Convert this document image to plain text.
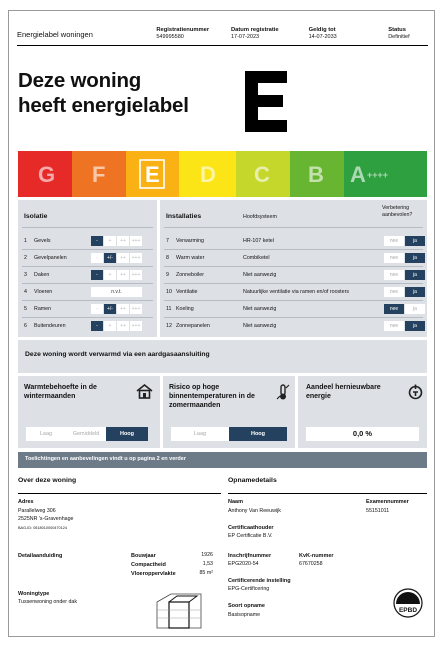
Energielabel woningen	Registratienummer
549995580
Datum registratie
17-07-2023
Geldig tot
14-07-2033
Status
Definitief
Deze woning
heeft energielabel
G F	D C B A ++++
E
Isolatie
1 Gevels	-	+	++	+++
2 Gevelpanelen	-	+/-	++	+++
3 Daken	-	+	++	+++
4 Vloeren	n.v.t.
5 Ramen	-	+/-	++	+++
6 Buitendeuren	-	+	++	+++
Installaties	Hoofdsysteem
Verbetering aanbevolen?
7 Verwarming	HR-107 ketel	nee	ja
8 Warm water	Combiketel	nee	ja
9 Zonneboiler	Niet aanwezig	nee	ja
10 Ventilatie	Natuurlijke ventilatie via ramen en/of roosters	nee	ja
11 Koeling	Niet aanwezig	nee	ja
12 Zonnepanelen	Niet aanwezig	nee	ja
Deze woning wordt verwarmd via een aardgasaansluiting
Warmtebehoefte in de wintermaanden
Laag	Gemiddeld	Hoog
Risico op hoge binnentemperaturen in de zomermaanden
Laag	Hoog
Aandeel hernieuwbare energie
0,0 %
Toelichtingen en aanbevelingen vindt u op pagina 2 en verder
Over deze woning
Adres
Parallelweg 306
2525NR 's-Gravenhage
BAG-ID: 0518010000470124
Detailaanduiding	Bouwjaar	1926
Compactheid	1,53
Vloeroppervlakte	85 m²
Woningtype
Tussenwoning onder dak
Opnamedetails
Naam
Anthony Van Reeuwijk
Examennummer
55151011
Certificaathouder
EP Certificatie B.V.
Inschrijfnummer
EPG2020-54
KvK-nummer
67670258
Certificerende instelling
EPG-Certificering
Soort opname
Basisopname
EPBD
